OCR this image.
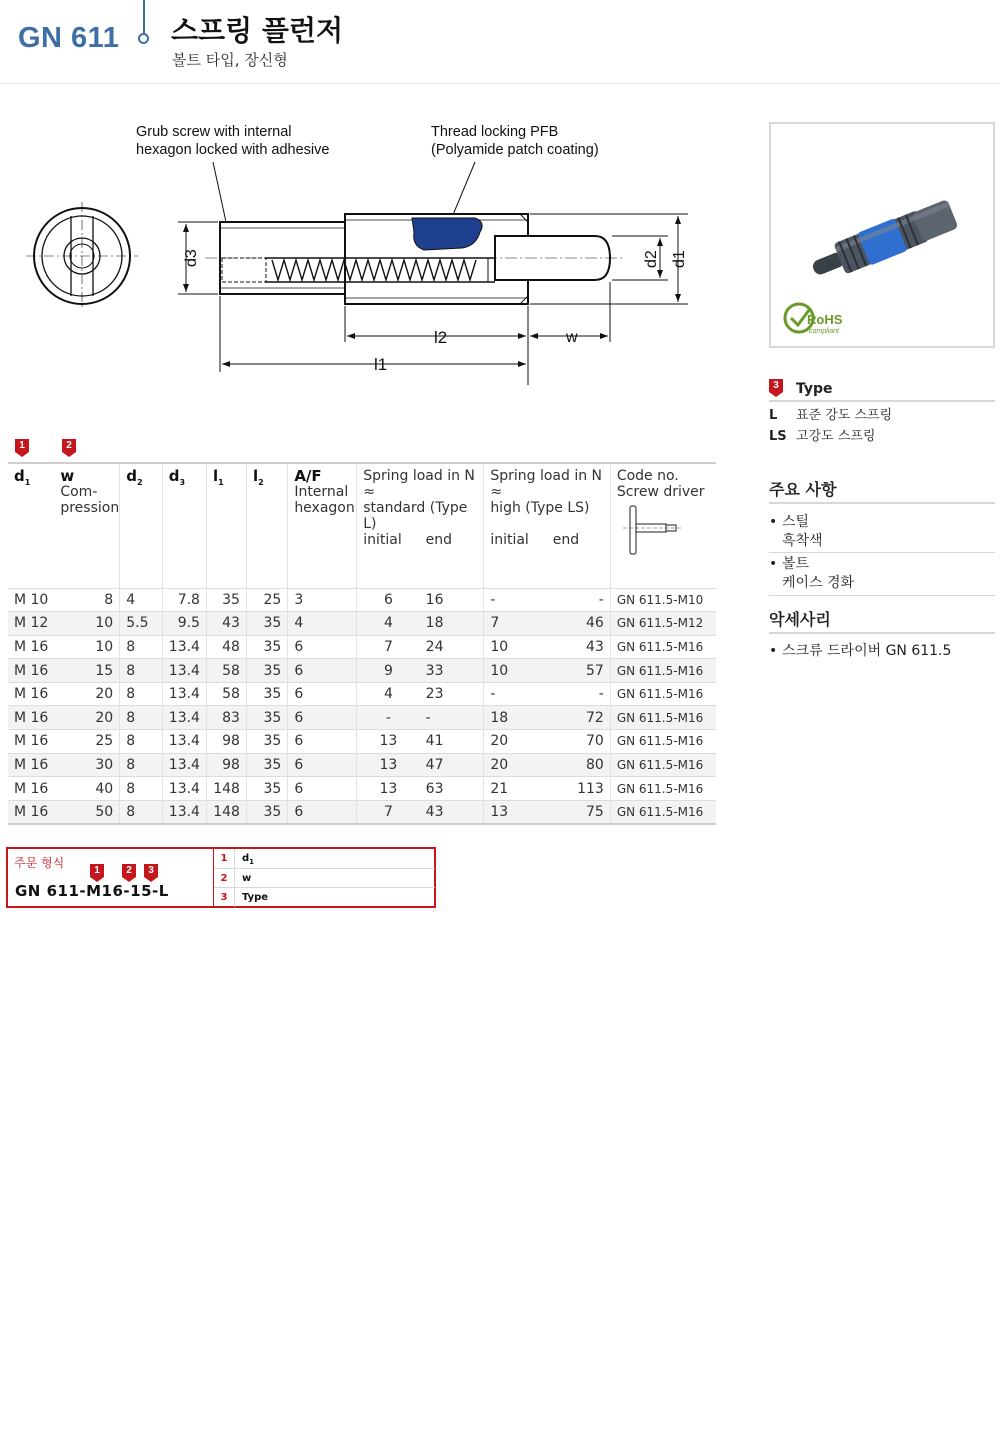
GN 611 스프링 플런저
볼트 타입, 장신형
Grub screw with internal
hexagon locked with adhesive
Thread locking PFB
(Polyamide patch coating)
d3	d2 d1
l2	w
l1
RoHS
compliant
3	Type
L 표준 강도 스프링
LS 고강도 스프링
주요 사항
• 스틸
흑착색
• 볼트
케이스 경화
악세사리
• 스크류 드라이버 GN 611.5
1	2
$d_1$	w
Com-
pression	$d_2$	$d_3$	$l_1$	$l_2$	A/F
Internal
hexagon	Spring load in N ≈
standard (Type L)		Spring load in N ≈
high (Type LS)		Code no.
Screw driver

							initial	end	initial	end	
M 10	8	4	7.8	35	25	3	6	16	-	-	GN 611.5-M10
M 12	10	5.5	9.5	43	35	4	4	18	7	46	GN 611.5-M12
M 16	10	8	13.4	48	35	6	7	24	10	43	GN 611.5-M16
M 16	15	8	13.4	58	35	6	9	33	10	57	GN 611.5-M16
M 16	20	8	13.4	58	35	6	4	23	-	-	GN 611.5-M16
M 16	20	8	13.4	83	35	6	-	-	18	72	GN 611.5-M16
M 16	25	8	13.4	98	35	6	13	41	20	70	GN 611.5-M16
M 16	30	8	13.4	98	35	6	13	47	20	80	GN 611.5-M16
M 16	40	8	13.4	148	35	6	13	63	21	113	GN 611.5-M16
M 16	50	8	13.4	148	35	6	7	43	13	75	GN 611.5-M16
주문 형식
1	2	3
GN 611-M16-15-L
1	$d_1$
2	w
3	Type
